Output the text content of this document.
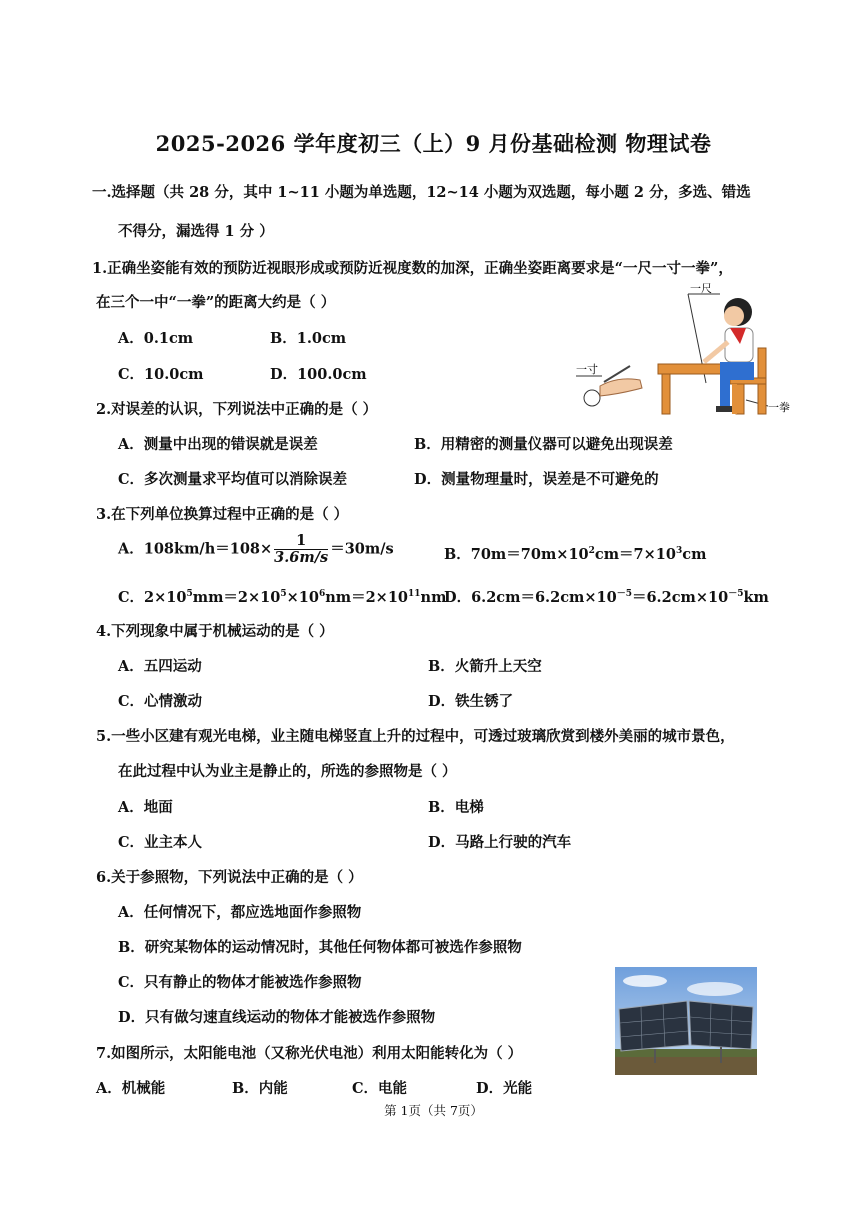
2025-2026 学年度初三（上）9 月份基础检测 物理试卷
一.选择题（共 28 分，其中 1~11 小题为单选题，12~14 小题为双选题，每小题 2 分，多选、错选
不得分，漏选得 1 分 ）
1.正确坐姿能有效的预防近视眼形成或预防近视度数的加深，正确坐姿距离要求是“一尺一寸一拳”，
在三个一中“一拳”的距离大约是（ ）
A．0.1cm	B．1.0cm
C．10.0cm	D．100.0cm
一尺
一寸
一拳
2.对误差的认识，下列说法中正确的是（ ）
A．测量中出现的错误就是误差	B．用精密的测量仪器可以避免出现误差
C．多次测量求平均值可以消除误差	D．测量物理量时，误差是不可避免的
3.在下列单位换算过程中正确的是（ ）
A．$108km/h=108\times \frac{1}{3.6m/s} =30m/s$	B．$70m=70m\times 10^2cm=7\times 10^3cm$
C．$2\times 10^5mm=2\times 10^5\times 10^6nm=2\times 10^{11}nm$
D．$6.2cm=6.2cm\times 10^{-5}=6.2cm\times 10^{-5}km$
4.下列现象中属于机械运动的是（ ）
A．五四运动	B．火箭升上天空
C．心情激动	D．铁生锈了
5.一些小区建有观光电梯，业主随电梯竖直上升的过程中，可透过玻璃欣赏到楼外美丽的城市景色，
在此过程中认为业主是静止的，所选的参照物是（ ）
A．地面	B．电梯
C．业主本人	D．马路上行驶的汽车
6.关于参照物，下列说法中正确的是（ ）
A．任何情况下，都应选地面作参照物
B．研究某物体的运动情况时，其他任何物体都可被选作参照物
C．只有静止的物体才能被选作参照物
D．只有做匀速直线运动的物体才能被选作参照物
7.如图所示，太阳能电池（又称光伏电池）利用太阳能转化为（ ）
A．机械能	B．内能	C．电能	D．光能
第 1页（共 7页）
